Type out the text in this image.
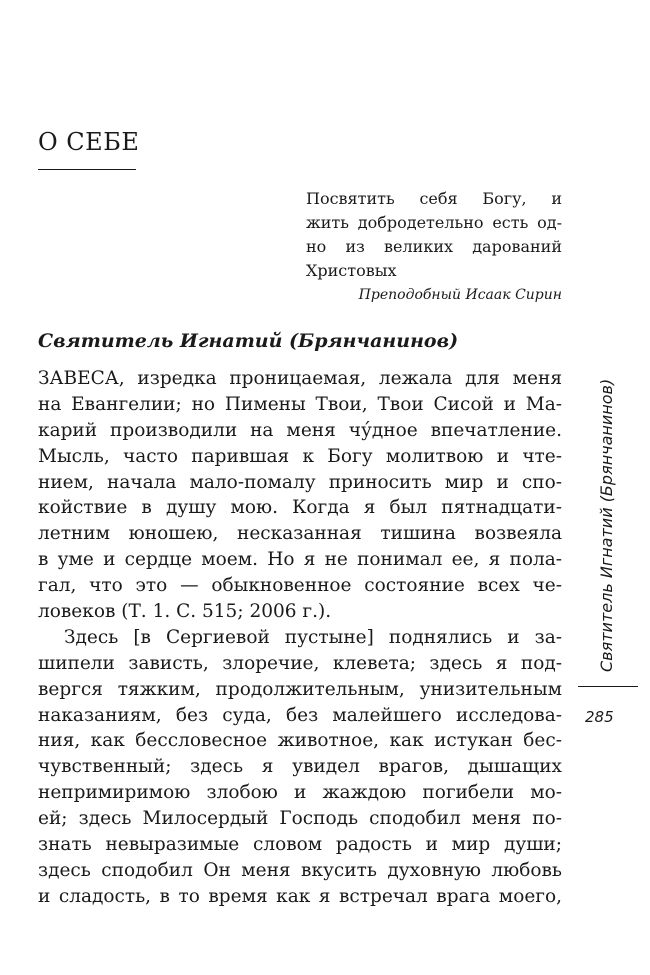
О СЕБЕ
Посвятить себя Богу, и
жить добродетельно есть од-
но из великих дарований
Христовых
Преподобный Исаак Сирин
Святитель Игнатий (Брянчанинов)
ЗАВЕСА, изредка проницаемая, лежала для меня
на Евангелии; но Пимены Твои, Твои Сисой и Ма-
карий производили на меня чу́дное впечатление.
Мысль, часто парившая к Богу молитвою и чте-
нием, начала мало-помалу приносить мир и спо-
койствие в душу мою. Когда я был пятнадцати-
летним юношею, несказанная тишина возвеяла
в уме и сердце моем. Но я не понимал ее, я пола-
гал, что это — обыкновенное состояние всех че-
ловеков (Т. 1. С. 515; 2006 г.).
Здесь [в Сергиевой пустыне] поднялись и за-
шипели зависть, злоречие, клевета; здесь я под-
вергся тяжким, продолжительным, унизительным
наказаниям, без суда, без малейшего исследова-
ния, как бессловесное животное, как истукан бес-
чувственный; здесь я увидел врагов, дышащих
непримиримою злобою и жаждою погибели мо-
ей; здесь Милосердый Господь сподобил меня по-
знать невыразимые словом радость и мир души;
здесь сподобил Он меня вкусить духовную любовь
и сладость, в то время как я встречал врага моего,
Святитель Игнатий (Брянчанинов)
285
